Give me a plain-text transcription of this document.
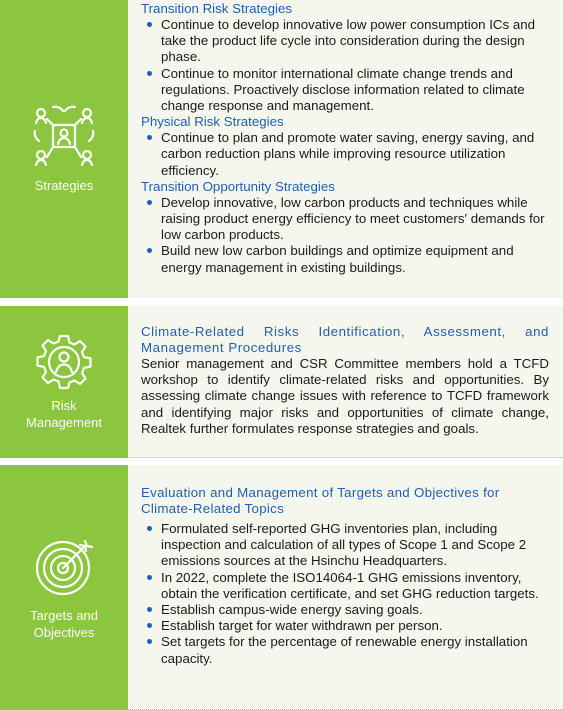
Strategies
Transition Risk Strategies
Continue to develop innovative low power consumption ICs and take the product life cycle into consideration during the design phase.
Continue to monitor international climate change trends and regulations. Proactively disclose information related to climate change response and management.
Physical Risk Strategies
Continue to plan and promote water saving, energy saving, and carbon reduction plans while improving resource utilization efficiency.
Transition Opportunity Strategies
Develop innovative, low carbon products and techniques while raising product energy efficiency to meet customers′ demands for low carbon products.
Build new low carbon buildings and optimize equipment and energy management in existing buildings.
Risk Management
Climate-Related Risks Identification, Assessment, and Management Procedures
Senior management and CSR Committee members hold a TCFD workshop to identify climate-related risks and opportunities. By assessing climate change issues with reference to TCFD framework and identifying major risks and opportunities of climate change, Realtek further formulates response strategies and goals.
Targets and Objectives
Evaluation and Management of Targets and Objectives for Climate-Related Topics
Formulated self-reported GHG inventories plan, including inspection and calculation of all types of Scope 1 and Scope 2 emissions sources at the Hsinchu Headquarters.
In 2022, complete the ISO14064-1 GHG emissions inventory, obtain the verification certificate, and set GHG reduction targets.
Establish campus-wide energy saving goals.
Establish target for water withdrawn per person.
Set targets for the percentage of renewable energy installation capacity.
